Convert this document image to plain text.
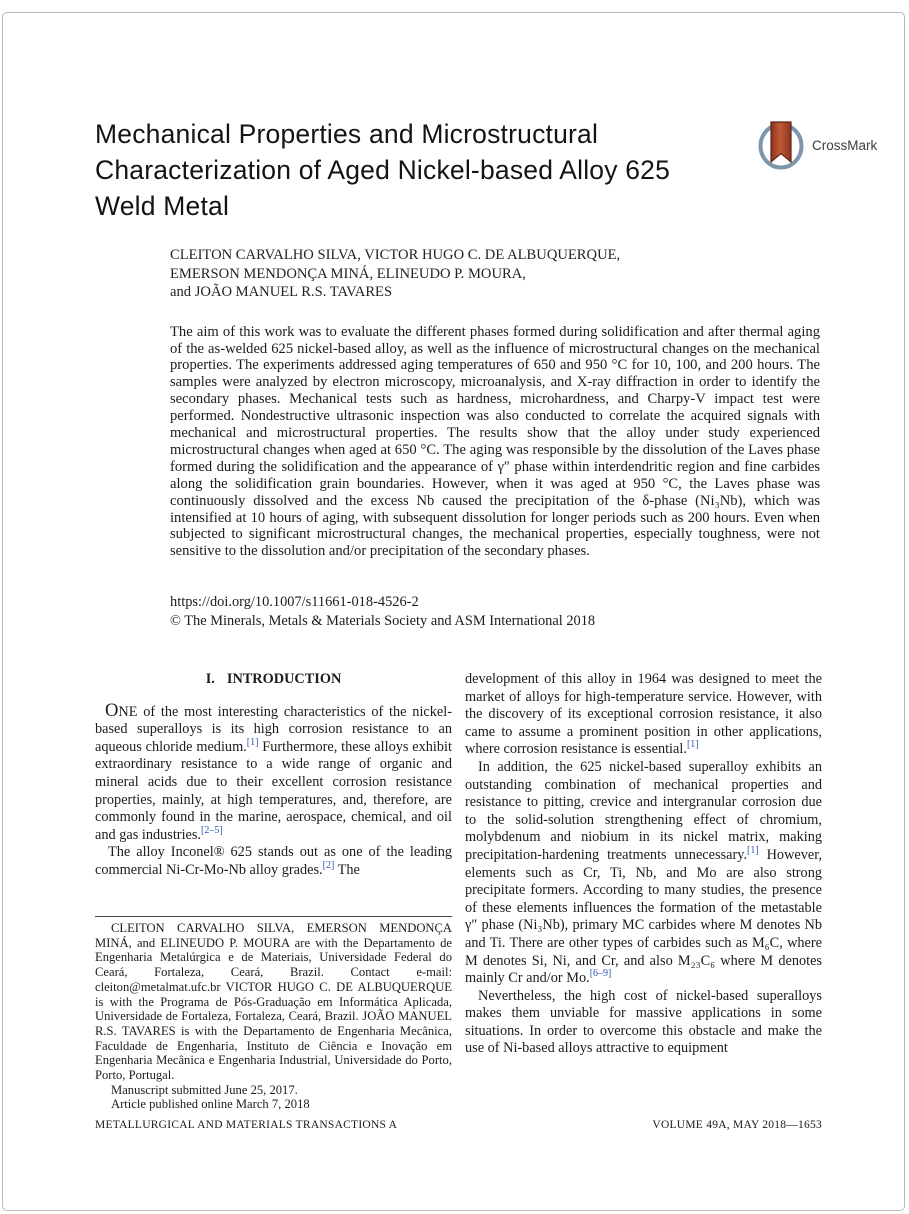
Mechanical Properties and Microstructural
Characterization of Aged Nickel-based Alloy 625
Weld Metal
CrossMark
CLEITON CARVALHO SILVA, VICTOR HUGO C. DE ALBUQUERQUE,
EMERSON MENDONÇA MINÁ, ELINEUDO P. MOURA,
and JOÃO MANUEL R.S. TAVARES

The aim of this work was to evaluate the different phases formed during solidification and after thermal aging of the as-welded 625 nickel-based alloy, as well as the influence of microstructural changes on the mechanical properties. The experiments addressed aging temperatures of 650 and 950 °C for 10, 100, and 200 hours. The samples were analyzed by electron microscopy, microanalysis, and X-ray diffraction in order to identify the secondary phases. Mechanical tests such as hardness, microhardness, and Charpy-V impact test were performed. Nondestructive ultrasonic inspection was also conducted to correlate the acquired signals with mechanical and microstructural properties. The results show that the alloy under study experienced microstructural changes when aged at 650 °C. The aging was responsible by the dissolution of the Laves phase formed during the solidification and the appearance of γ″ phase within interdendritic region and fine carbides along the solidification grain boundaries. However, when it was aged at 950 °C, the Laves phase was continuously dissolved and the excess Nb caused the precipitation of the δ-phase (Ni₃Nb), which was intensified at 10 hours of aging, with subsequent dissolution for longer periods such as 200 hours. Even when subjected to significant microstructural changes, the mechanical properties, especially toughness, were not sensitive to the dissolution and/or precipitation of the secondary phases.

https://doi.org/10.1007/s11661-018-4526-2
© The Minerals, Metals & Materials Society and ASM International 2018
I. INTRODUCTION

ONE of the most interesting characteristics of the nickel-based superalloys is its high corrosion resistance to an aqueous chloride medium.[1] Furthermore, these alloys exhibit extraordinary resistance to a wide range of organic and mineral acids due to their excellent corrosion resistance properties, mainly, at high temperatures, and, therefore, are commonly found in the marine, aerospace, chemical, and oil and gas industries.[2–5]

The alloy Inconel® 625 stands out as one of the leading commercial Ni-Cr-Mo-Nb alloy grades.[2] The

development of this alloy in 1964 was designed to meet the market of alloys for high-temperature service. However, with the discovery of its exceptional corrosion resistance, it also came to assume a prominent position in other applications, where corrosion resistance is essential.[1]

In addition, the 625 nickel-based superalloy exhibits an outstanding combination of mechanical properties and resistance to pitting, crevice and intergranular corrosion due to the solid-solution strengthening effect of chromium, molybdenum and niobium in its nickel matrix, making precipitation-hardening treatments unnecessary.[1] However, elements such as Cr, Ti, Nb, and Mo are also strong precipitate formers. According to many studies, the presence of these elements influences the formation of the metastable γ″ phase (Ni₃Nb), primary MC carbides where M denotes Nb and Ti. There are other types of carbides such as M₆C, where M denotes Si, Ni, and Cr, and also M₂₃C₆ where M denotes mainly Cr and/or Mo.[6–9]

Nevertheless, the high cost of nickel-based superalloys makes them unviable for massive applications in some situations. In order to overcome this obstacle and make the use of Ni-based alloys attractive to equipment

CLEITON CARVALHO SILVA, EMERSON MENDONÇA MINÁ, and ELINEUDO P. MOURA are with the Departamento de Engenharia Metalúrgica e de Materiais, Universidade Federal do Ceará, Fortaleza, Ceará, Brazil. Contact e-mail: cleiton@metalmat.ufc.br VICTOR HUGO C. DE ALBUQUERQUE is with the Programa de Pós-Graduação em Informática Aplicada, Universidade de Fortaleza, Fortaleza, Ceará, Brazil. JOÃO MANUEL R.S. TAVARES is with the Departamento de Engenharia Mecânica, Faculdade de Engenharia, Instituto de Ciência e Inovação em Engenharia Mecânica e Engenharia Industrial, Universidade do Porto, Porto, Portugal.

Manuscript submitted June 25, 2017.

Article published online March 7, 2018

METALLURGICAL AND MATERIALS TRANSACTIONS A	VOLUME 49A, MAY 2018—1653
